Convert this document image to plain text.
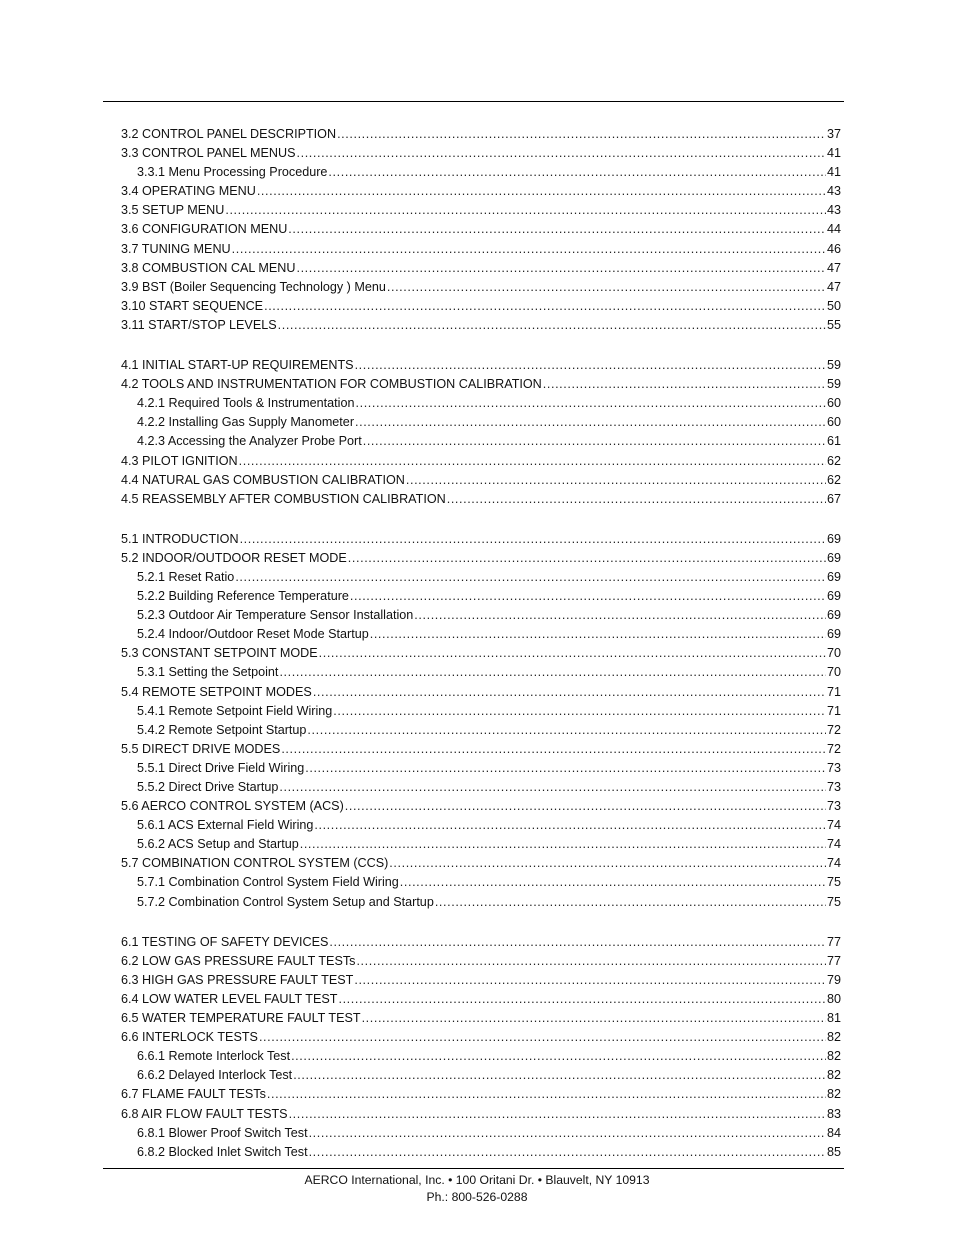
3.2 CONTROL PANEL DESCRIPTION .....	37
3.3 CONTROL PANEL MENUS .....	41
3.3.1 Menu Processing Procedure .....	41
3.4 OPERATING MENU .....	43
3.5 SETUP MENU .....	43
3.6 CONFIGURATION MENU .....	44
3.7 TUNING MENU .....	46
3.8 COMBUSTION CAL MENU .....	47
3.9 BST (Boiler Sequencing Technology ) Menu .....	47
3.10 START SEQUENCE .....	50
3.11 START/STOP LEVELS .....	55
4.1 INITIAL START-UP REQUIREMENTS .....	59
4.2 TOOLS AND INSTRUMENTATION FOR COMBUSTION CALIBRATION .....	59
4.2.1 Required Tools & Instrumentation .....	60
4.2.2 Installing Gas Supply Manometer .....	60
4.2.3 Accessing the Analyzer Probe Port .....	61
4.3 PILOT IGNITION .....	62
4.4 NATURAL GAS COMBUSTION CALIBRATION .....	62
4.5 REASSEMBLY AFTER COMBUSTION CALIBRATION .....	67
5.1 INTRODUCTION .....	69
5.2 INDOOR/OUTDOOR RESET MODE .....	69
5.2.1 Reset Ratio .....	69
5.2.2 Building Reference Temperature .....	69
5.2.3 Outdoor Air Temperature Sensor Installation .....	69
5.2.4 Indoor/Outdoor Reset Mode Startup .....	69
5.3 CONSTANT SETPOINT MODE .....	70
5.3.1 Setting the Setpoint .....	70
5.4 REMOTE SETPOINT MODES .....	71
5.4.1 Remote Setpoint Field Wiring .....	71
5.4.2 Remote Setpoint Startup .....	72
5.5 DIRECT DRIVE MODES .....	72
5.5.1 Direct Drive Field Wiring .....	73
5.5.2 Direct Drive Startup .....	73
5.6 AERCO CONTROL SYSTEM (ACS) .....	73
5.6.1 ACS External Field Wiring .....	74
5.6.2 ACS Setup and Startup .....	74
5.7 COMBINATION CONTROL SYSTEM (CCS) .....	74
5.7.1 Combination Control System Field Wiring .....	75
5.7.2 Combination Control System Setup and Startup .....	75
6.1 TESTING OF SAFETY DEVICES .....	77
6.2 LOW GAS PRESSURE FAULT TESTs .....	77
6.3 HIGH GAS PRESSURE FAULT TEST .....	79
6.4 LOW WATER LEVEL FAULT TEST .....	80
6.5 WATER TEMPERATURE FAULT TEST .....	81
6.6 INTERLOCK TESTS .....	82
6.6.1 Remote Interlock Test .....	82
6.6.2 Delayed Interlock Test .....	82
6.7 FLAME FAULT TESTs .....	82
6.8 AIR FLOW FAULT TESTS .....	83
6.8.1 Blower Proof Switch Test .....	84
6.8.2 Blocked Inlet Switch Test .....	85
AERCO International, Inc. • 100 Oritani Dr. • Blauvelt, NY 10913
Ph.: 800-526-0288
